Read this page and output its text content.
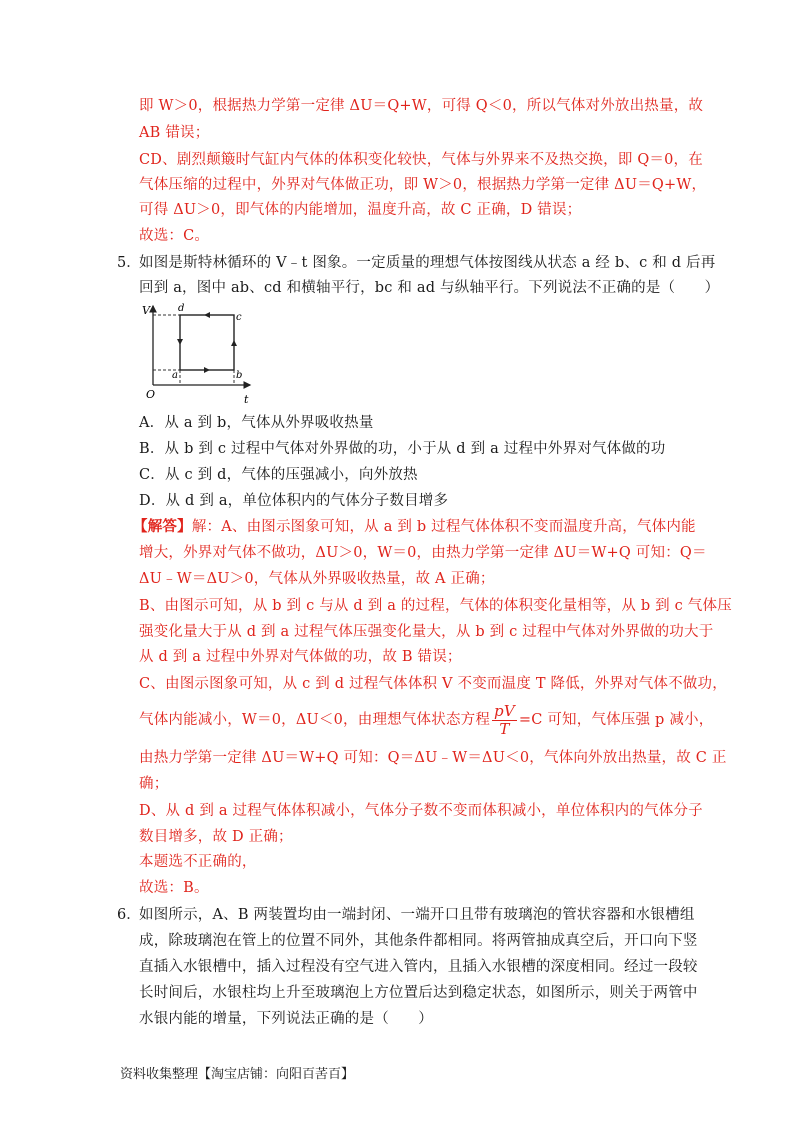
即 W＞0，根据热力学第一定律 ΔU＝Q+W，可得 Q＜0，所以气体对外放出热量，故
AB 错误；
CD、剧烈颠簸时气缸内气体的体积变化较快，气体与外界来不及热交换，即 Q＝0，在
气体压缩的过程中，外界对气体做正功，即 W＞0，根据热力学第一定律 ΔU＝Q+W，
可得 ΔU＞0，即气体的内能增加，温度升高，故 C 正确，D 错误；
故选：C。
5．
如图是斯特林循环的 V﹣t 图象。一定质量的理想气体按图线从状态 a 经 b、c 和 d 后再
回到 a，图中 ab、cd 和横轴平行，bc 和 ad 与纵轴平行。下列说法不正确的是（　　）
V
t
O
a	b
c
d
A．从 a 到 b，气体从外界吸收热量
B．从 b 到 c 过程中气体对外界做的功，小于从 d 到 a 过程中外界对气体做的功
C．从 c 到 d，气体的压强减小，向外放热
D．从 d 到 a，单位体积内的气体分子数目增多
【解答】解：A、由图示图象可知，从 a 到 b 过程气体体积不变而温度升高，气体内能
增大，外界对气体不做功，ΔU＞0，W＝0，由热力学第一定律 ΔU＝W+Q 可知：Q＝
ΔU﹣W＝ΔU＞0，气体从外界吸收热量，故 A 正确；
B、由图示可知，从 b 到 c 与从 d 到 a 的过程，气体的体积变化量相等，从 b 到 c 气体压
强变化量大于从 d 到 a 过程气体压强变化量大，从 b 到 c 过程中气体对外界做的功大于
从 d 到 a 过程中外界对气体做的功，故 B 错误；
C、由图示图象可知，从 c 到 d 过程气体体积 V 不变而温度 T 降低，外界对气体不做功，
气体内能减小，W＝0，ΔU＜0，由理想气体状态方程 $\frac{pV}{T} =C$ 可知，气体压强 p 减小，
由热力学第一定律 ΔU＝W+Q 可知：Q＝ΔU﹣W＝ΔU＜0，气体向外放出热量，故 C 正
确；
D、从 d 到 a 过程气体体积减小，气体分子数不变而体积减小，单位体积内的气体分子
数目增多，故 D 正确；
本题选不正确的，
故选：B。
6．
如图所示，A、B 两装置均由一端封闭、一端开口且带有玻璃泡的管状容器和水银槽组
成，除玻璃泡在管上的位置不同外，其他条件都相同。将两管抽成真空后，开口向下竖
直插入水银槽中，插入过程没有空气进入管内，且插入水银槽的深度相同。经过一段较
长时间后，水银柱均上升至玻璃泡上方位置后达到稳定状态，如图所示，则关于两管中
水银内能的增量，下列说法正确的是（　　）
资料收集整理【淘宝店铺：向阳百䒷百】
